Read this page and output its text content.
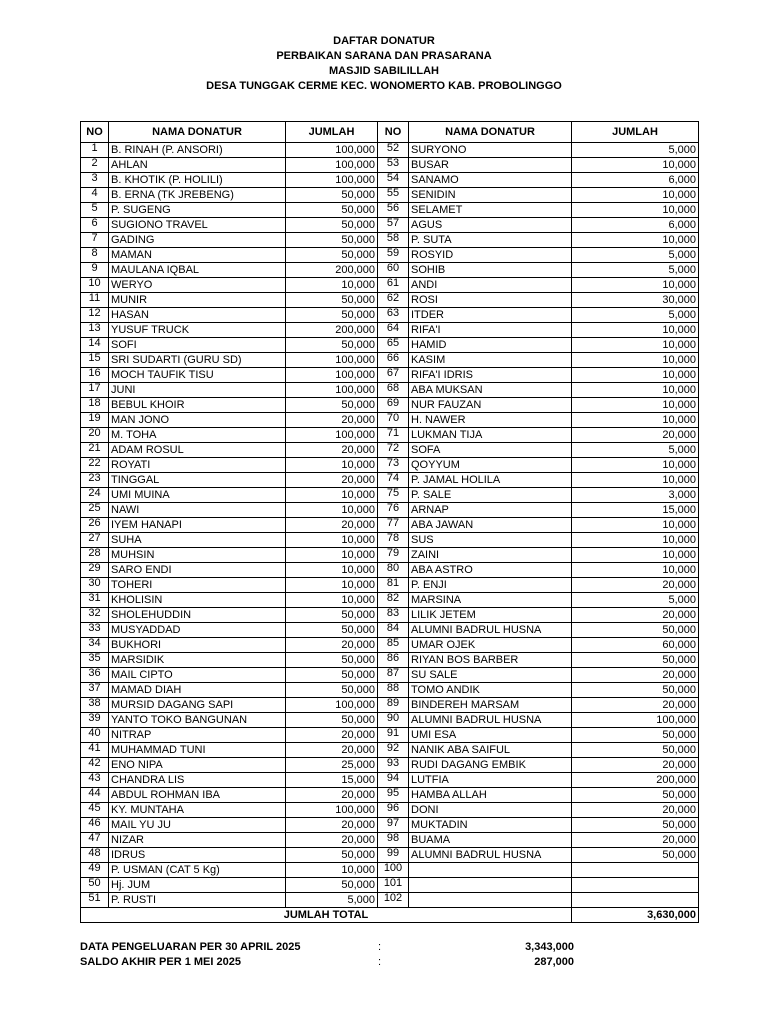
DAFTAR DONATUR
PERBAIKAN SARANA DAN PRASARANA
MASJID SABILILLAH
DESA TUNGGAK CERME KEC. WONOMERTO KAB. PROBOLINGGO
NO	NAMA DONATUR	JUMLAH	NO	NAMA DONATUR	JUMLAH
1	B. RINAH (P. ANSORI)	100,000	52	SURYONO	5,000
2	AHLAN	100,000	53	BUSAR	10,000
3	B. KHOTIK (P. HOLILI)	100,000	54	SANAMO	6,000
4	B. ERNA (TK JREBENG)	50,000	55	SENIDIN	10,000
5	P. SUGENG	50,000	56	SELAMET	10,000
6	SUGIONO TRAVEL	50,000	57	AGUS	6,000
7	GADING	50,000	58	P. SUTA	10,000
8	MAMAN	50,000	59	ROSYID	5,000
9	MAULANA IQBAL	200,000	60	SOHIB	5,000
10	WERYO	10,000	61	ANDI	10,000
11	MUNIR	50,000	62	ROSI	30,000
12	HASAN	50,000	63	ITDER	5,000
13	YUSUF TRUCK	200,000	64	RIFA'I	10,000
14	SOFI	50,000	65	HAMID	10,000
15	SRI SUDARTI (GURU SD)	100,000	66	KASIM	10,000
16	MOCH TAUFIK TISU	100,000	67	RIFA'I IDRIS	10,000
17	JUNI	100,000	68	ABA MUKSAN	10,000
18	BEBUL KHOIR	50,000	69	NUR FAUZAN	10,000
19	MAN JONO	20,000	70	H. NAWER	10,000
20	M. TOHA	100,000	71	LUKMAN TIJA	20,000
21	ADAM ROSUL	20,000	72	SOFA	5,000
22	ROYATI	10,000	73	QOYYUM	10,000
23	TINGGAL	20,000	74	P. JAMAL HOLILA	10,000
24	UMI MUINA	10,000	75	P. SALE	3,000
25	NAWI	10,000	76	ARNAP	15,000
26	IYEM HANAPI	20,000	77	ABA JAWAN	10,000
27	SUHA	10,000	78	SUS	10,000
28	MUHSIN	10,000	79	ZAINI	10,000
29	SARO ENDI	10,000	80	ABA ASTRO	10,000
30	TOHERI	10,000	81	P. ENJI	20,000
31	KHOLISIN	10,000	82	MARSINA	5,000
32	SHOLEHUDDIN	50,000	83	LILIK JETEM	20,000
33	MUSYADDAD	50,000	84	ALUMNI BADRUL HUSNA	50,000
34	BUKHORI	20,000	85	UMAR OJEK	60,000
35	MARSIDIK	50,000	86	RIYAN BOS BARBER	50,000
36	MAIL CIPTO	50,000	87	SU SALE	20,000
37	MAMAD DIAH	50,000	88	TOMO ANDIK	50,000
38	MURSID DAGANG SAPI	100,000	89	BINDEREH MARSAM	20,000
39	YANTO TOKO BANGUNAN	50,000	90	ALUMNI BADRUL HUSNA	100,000
40	NITRAP	20,000	91	UMI ESA	50,000
41	MUHAMMAD TUNI	20,000	92	NANIK ABA SAIFUL	50,000
42	ENO NIPA	25,000	93	RUDI DAGANG EMBIK	20,000
43	CHANDRA LIS	15,000	94	LUTFIA	200,000
44	ABDUL ROHMAN IBA	20,000	95	HAMBA ALLAH	50,000
45	KY. MUNTAHA	100,000	96	DONI	20,000
46	MAIL YU JU	20,000	97	MUKTADIN	50,000
47	NIZAR	20,000	98	BUAMA	20,000
48	IDRUS	50,000	99	ALUMNI BADRUL HUSNA	50,000
49	P. USMAN (CAT 5 Kg)	10,000	100		
50	Hj. JUM	50,000	101		
51	P. RUSTI	5,000	102		
JUMLAH TOTAL					3,630,000
DATA PENGELUARAN PER 30 APRIL 2025	:	3,343,000
SALDO AKHIR PER 1 MEI 2025	:	287,000
